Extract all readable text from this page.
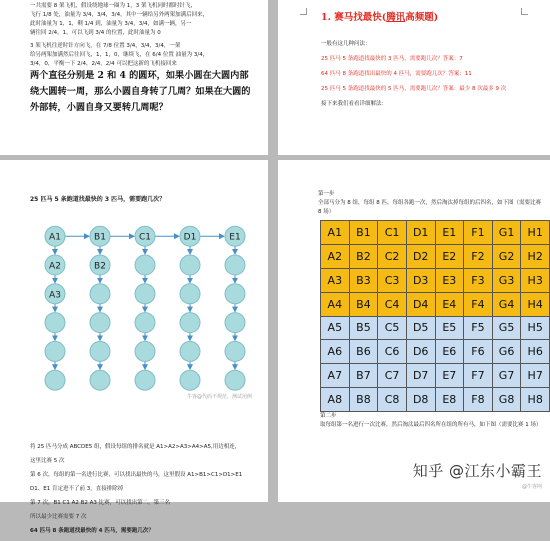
一共需要 8 架飞机，假设绕地球一圈为 1，3 架飞机同时都时针飞，
飞行 1/8 处，油量为 3/4，3/4，3/4，其中一辆给另外两架加满后回来，
此时油量为 1，1，剩 1/4 到，油量为 3/4，3/4，如满一辆，另一
辆往回 2/4，1，可以飞到 3/4 的位置，此时油量为 0
3 架飞机往逆时针方向飞，在 7/8 位置 3/4，3/4，3/4，一架
给另两架加满然后往回飞，1，1，0，继续飞，在 6/4 位置 油量为 3/4，
3/4，0，平衡一下 2/4，2/4，2/4 可以把这新的飞机接回来
两个直径分别是 2 和 4 的圆环，如果小圆在大圆内部绕大圆转一周，那么小圆自身转了几周？如果在大圆的外部转，小圆自身又要转几周呢？
1. 赛马找最快(腾讯高频题)
一般有这几种问法：
25 匹马 5 条跑道找最快的 3 匹马，需要跑几次？答案：7
64 匹马 8 条跑道找出最快的 4 匹马，需要跑几次？答案：11
25 匹马 5 条跑道找最快的 5 匹马，需要跑几次？答案：最少 8 次最多 9 次
接下来我们看看详细解法：
25 匹马 5 条跑道找最快的 3 匹马，需要跑几次？
A1	B1	C1	D1	E1
A2	B2
A3
牛客@代码不规范，测试用例
将 25 匹马分成 ABCDE5 组，假设每组的排名就是 A1>A2>A3>A4>A5,用边相连，
这里比赛 5 次
第 6 次，每组的第一名进行比赛，可以找出最快的马，这里假设 A1>B1>C1>D1>E1
D1、E1 肯定进不了前 3，直接排除掉
第 7 次，B1 C1 A2 B2 A3 比赛，可以找出第二，第三名
所以最少比赛需要 7 次
64 匹马 8 条跑道找最快的 4 匹马，需要跑几次？
第一步
全部马分为 8 组，每组 8 匹，每组各跑一次，然后淘汰掉每组的后四名，如下图（需要比赛 8 场）
A1	B1	C1	D1	E1	F1	G1	H1
A2	B2	C2	D2	E2	F2	G2	H2
A3	B3	C3	D3	E3	F3	G3	H3
A4	B4	C4	D4	E4	F4	G4	H4
A5	B5	C5	D5	E5	F5	G5	H5
A6	B6	C6	D6	E6	F6	G6	H6
A7	B7	C7	D7	E7	F7	G7	H7
A8	B8	C8	D8	E8	F8	G8	H8
第二步
取每组第一名进行一次比赛，然后淘汰最后四名所在组的所有马，如下图（需要比赛 1 场）
知乎 @江东小霸王
@牛客网
